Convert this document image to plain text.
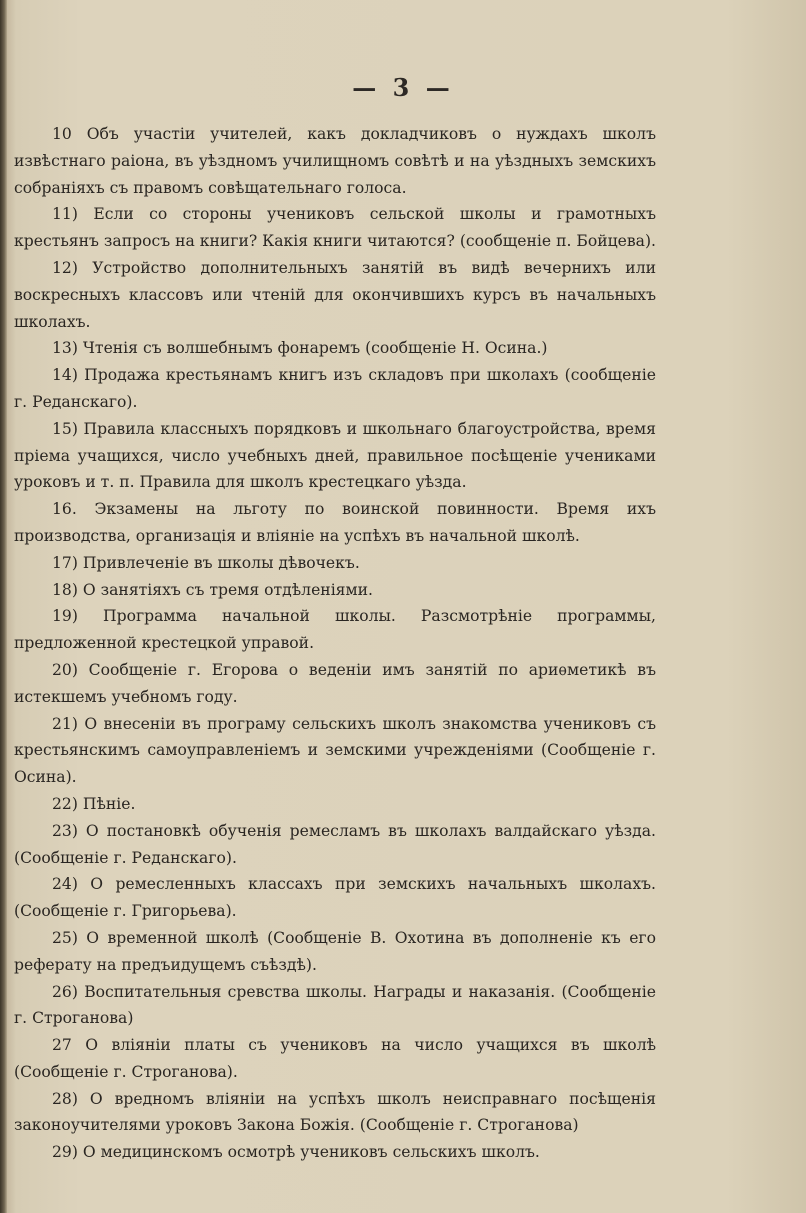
— 3 —

10 Объ участіи учителей, какъ докладчиковъ о нуждахъ школъ извѣстнаго раіона, въ уѣздномъ училищномъ совѣтѣ и на уѣздныхъ земскихъ собраніяхъ съ правомъ совѣщательнаго голоса.

11) Если со стороны учениковъ сельской школы и грамотныхъ крестьянъ запросъ на книги? Какія книги читаются? (сообщеніе п. Бойцева).

12) Устройство дополнительныхъ занятій въ видѣ вечернихъ или воскресныхъ классовъ или чтеній для окончившихъ курсъ въ начальныхъ школахъ.

13) Чтенія съ волшебнымъ фонаремъ (сообщеніе Н. Осина.)

14) Продажа крестьянамъ книгъ изъ складовъ при школахъ (сообщеніе г. Реданскаго).

15) Правила классныхъ порядковъ и школьнаго благоустройства, время пріема учащихся, число учебныхъ дней, правильное посѣщеніе учениками уроковъ и т. п. Правила для школъ крестецкаго уѣзда.

16. Экзамены на льготу по воинской повинности. Время ихъ производства, организація и вліяніе на успѣхъ въ начальной школѣ.

17) Привлеченіе въ школы дѣвочекъ.

18) О занятіяхъ съ тремя отдѣленіями.

19) Программа начальной школы. Разсмотрѣніе программы, предложенной крестецкой управой.

20) Сообщеніе г. Егорова о веденіи имъ занятій по ариѳметикѣ въ истекшемъ учебномъ году.

21) О внесеніи въ програму сельскихъ школъ знакомства учениковъ съ крестьянскимъ самоуправленіемъ и земскими учрежденіями (Сообщеніе г. Осина).

22) Пѣніе.

23) О постановкѣ обученія ремесламъ въ школахъ валдайскаго уѣзда. (Сообщеніе г. Реданскаго).

24) О ремесленныхъ классахъ при земскихъ начальныхъ школахъ. (Сообщеніе г. Григорьева).

25) О временной школѣ (Сообщеніе В. Охотина въ дополненіе къ его реферату на предъидущемъ съѣздѣ).

26) Воспитательныя сревства школы. Награды и наказанія. (Сообщеніе г. Строганова)

27 О вліяніи платы съ учениковъ на число учащихся въ школѣ (Сообщеніе г. Строганова).

28) О вредномъ вліяніи на успѣхъ школъ неисправнаго посѣщенія законоучителями уроковъ Закона Божія. (Сообщеніе г. Строганова)

29) О медицинскомъ осмотрѣ учениковъ сельскихъ школъ.
